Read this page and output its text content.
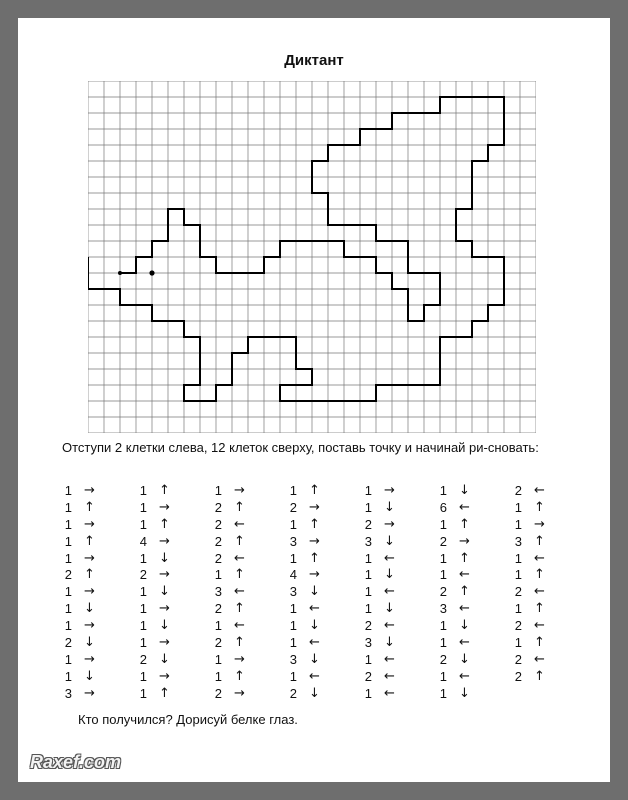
Диктант
Отступи 2 клетки слева, 12 клеток сверху, поставь точку и начинай ри-сновать:
1 →
1 ↑
1 →
1 ↑
1 →
2 ↑
1 →
1 ↓
1 →
2 ↓
1 →
1 ↓
3 →
1 ↑
1 →
1 ↑
4 →
1 ↓
2 →
1 ↓
1 →
1 ↓
1 →
2 ↓
1 →
1 ↑
1 →
2 ↑
2 ←
2 ↑
2 ←
1 ↑
3 ←
2 ↑
1 ←
2 ↑
1 →
1 ↑
2 →
1 ↑
2 →
1 ↑
3 →
1 ↑
4 →
3 ↓
1 ←
1 ↓
1 ←
3 ↓
1 ←
2 ↓
1 →
1 ↓
2 →
3 ↓
1 ←
1 ↓
1 ←
1 ↓
2 ←
3 ↓
1 ←
2 ←
1 ←
1 ↓
6 ←
1 ↑
2 →
1 ↑
1 ←
2 ↑
3 ←
1 ↓
1 ←
2 ↓
1 ←
1 ↓
2 ←
1 ↑
1 →
3 ↑
1 ←
1 ↑
2 ←
1 ↑
2 ←
1 ↑
2 ←
2 ↑
Кто получился? Дорисуй белке глаз.
Raxef.com
